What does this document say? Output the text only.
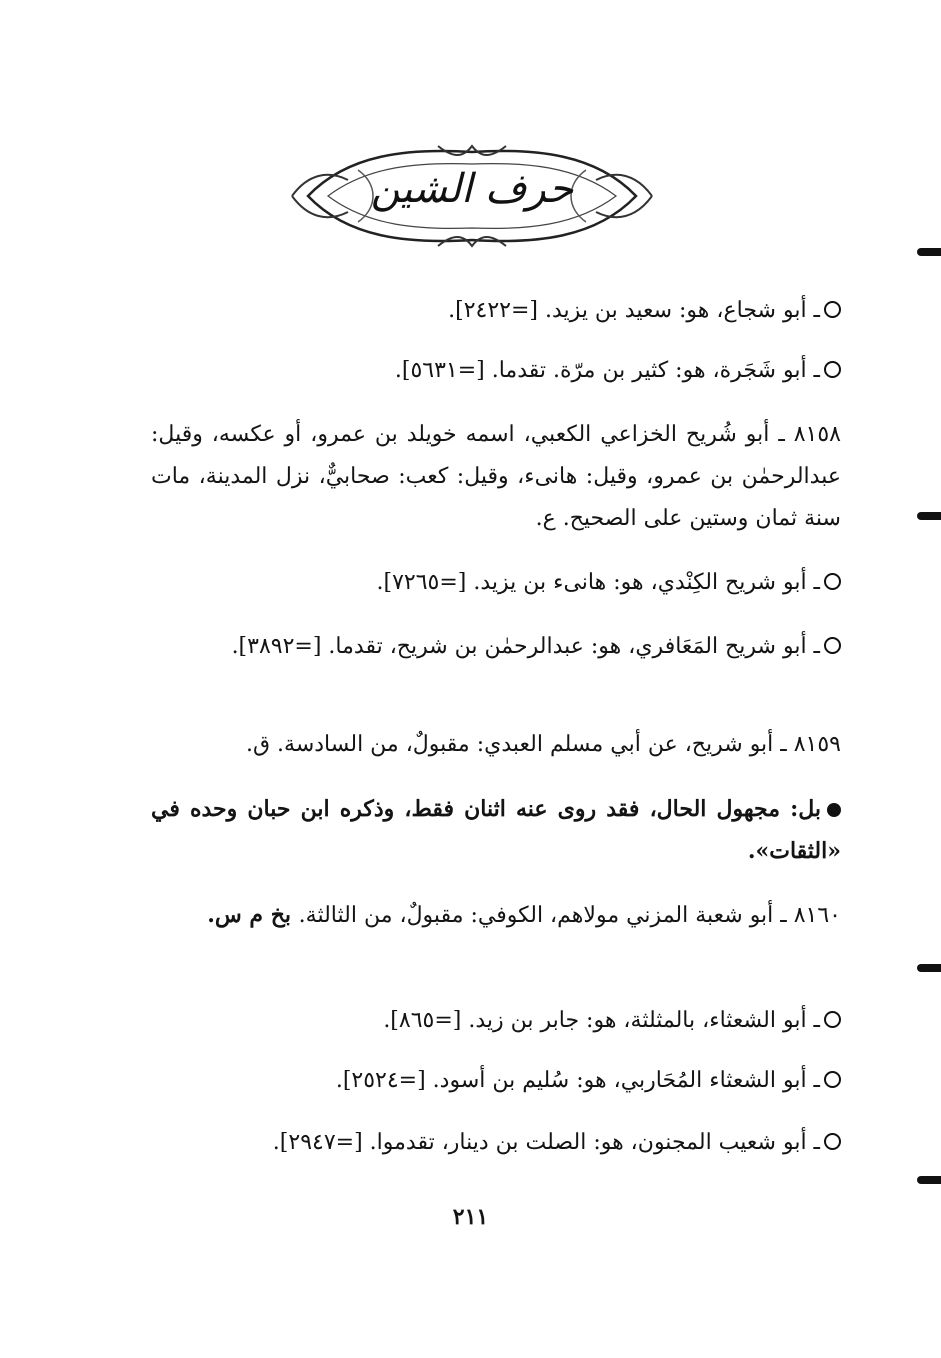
حرف الشين
ـ أبو شجاع، هو: سعيد بن يزيد. [=٢٤٢٢].
ـ أبو شَجَرة، هو: كثير بن مرّة. تقدما. [=٥٦٣١].
٨١٥٨ ـ أبو شُريح الخزاعي الكعبي، اسمه خويلد بن عمرو، أو عكسه، وقيل: عبدالرحمٰن بن عمرو، وقيل: هانىء، وقيل: كعب: صحابيٌّ، نزل المدينة، مات سنة ثمان وستين على الصحيح. ع.
ـ أبو شريح الكِنْدي، هو: هانىء بن يزيد. [=٧٢٦٥].
ـ أبو شريح المَعَافري، هو: عبدالرحمٰن بن شريح، تقدما. [=٣٨٩٢].
٨١٥٩ ـ أبو شريح، عن أبي مسلم العبدي: مقبولٌ، من السادسة. ق.
بل: مجهول الحال، فقد روى عنه اثنان فقط، وذكره ابن حبان وحده في «الثقات».
٨١٦٠ ـ أبو شعبة المزني مولاهم، الكوفي: مقبولٌ، من الثالثة. بخ م س.
ـ أبو الشعثاء، بالمثلثة، هو: جابر بن زيد. [=٨٦٥].
ـ أبو الشعثاء المُحَاربي، هو: سُليم بن أسود. [=٢٥٢٤].
ـ أبو شعيب المجنون، هو: الصلت بن دينار، تقدموا. [=٢٩٤٧].
٢١١
